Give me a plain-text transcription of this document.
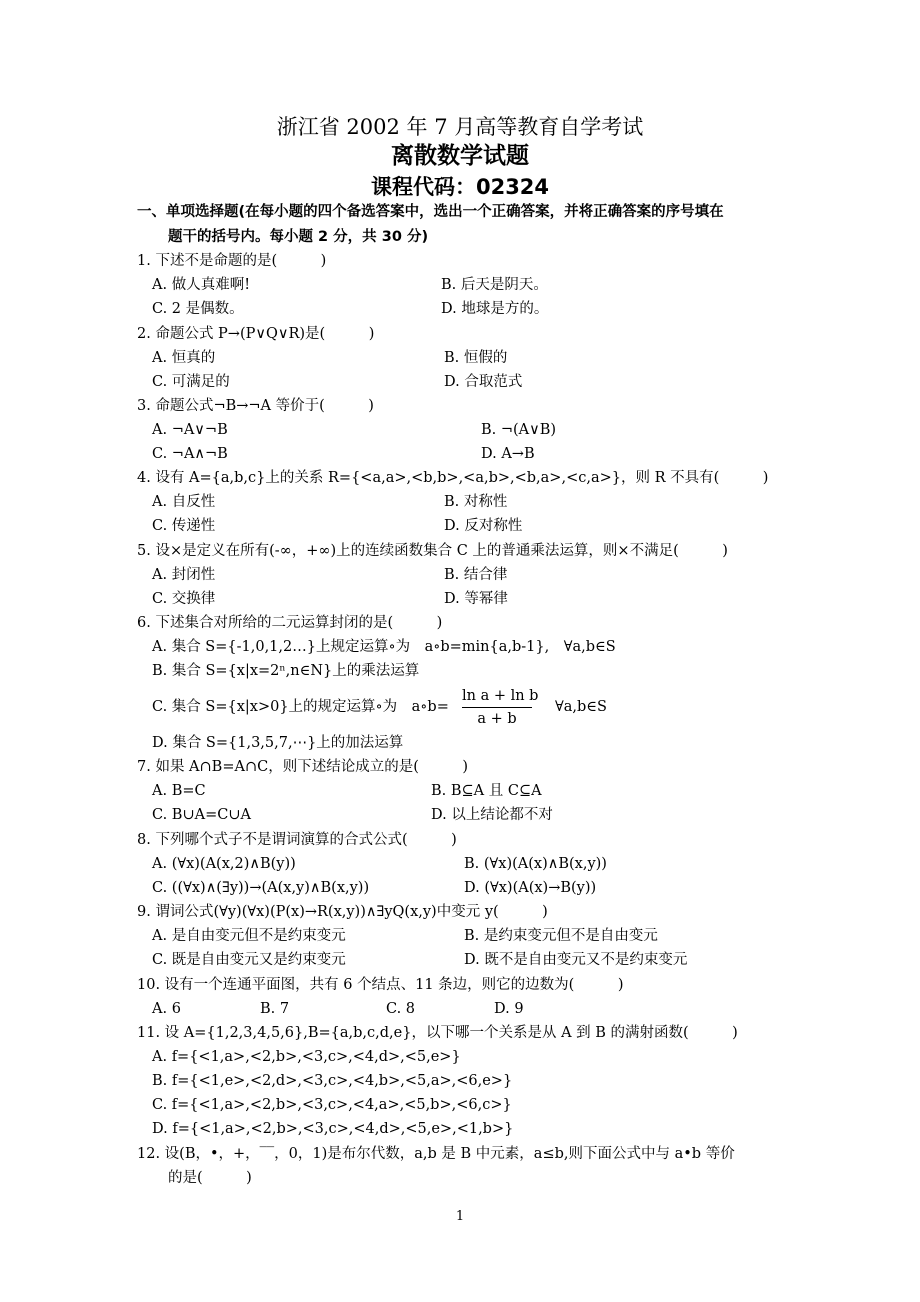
浙江省 2002 年 7 月高等教育自学考试
离散数学试题
课程代码：02324
一、单项选择题(在每小题的四个备选答案中，选出一个正确答案，并将正确答案的序号填在
题干的括号内。每小题 2 分，共 30 分)
1. 下述不是命题的是(　　　)
A. 做人真难啊!	B. 后天是阴天。
C. 2 是偶数。	D. 地球是方的。
2. 命题公式 P→(P∨Q∨R)是(　　　)
A. 恒真的	B. 恒假的
C. 可满足的	D. 合取范式
3. 命题公式¬B→¬A 等价于(　　　)
A. ¬A∨¬B	B. ¬(A∨B)
C. ¬A∧¬B	D. A→B
4. 设有 A={a,b,c}上的关系 R={<a,a>,<b,b>,<a,b>,<b,a>,<c,a>}，则 R 不具有(　　　)
A. 自反性	B. 对称性
C. 传递性	D. 反对称性
5. 设×是定义在所有(-∞，+∞)上的连续函数集合 C 上的普通乘法运算，则×不满足(　　　)
A. 封闭性	B. 结合律
C. 交换律	D. 等幂律
6. 下述集合对所给的二元运算封闭的是(　　　)
A. 集合 S={-1,0,1,2…}上规定运算∘为　a∘b=min{a,b-1},　∀a,b∈S
B. 集合 S={x|x=2ⁿ,n∈N}上的乘法运算
C. 集合 S={x|x>0}上的规定运算∘为　a∘b=
ln a + ln b
a + b
∀a,b∈S
D. 集合 S={1,3,5,7,⋯}上的加法运算
7. 如果 A∩B=A∩C，则下述结论成立的是(　　　)
A. B=C	B. B⊆A 且 C⊆A
C. B∪A=C∪A	D. 以上结论都不对
8. 下列哪个式子不是谓词演算的合式公式(　　　)
A. (∀x)(A(x,2)∧B(y))	B. (∀x)(A(x)∧B(x,y))
C. ((∀x)∧(∃y))→(A(x,y)∧B(x,y))	D. (∀x)(A(x)→B(y))
9. 谓词公式(∀y)(∀x)(P(x)→R(x,y))∧∃yQ(x,y)中变元 y(　　　)
A. 是自由变元但不是约束变元	B. 是约束变元但不是自由变元
C. 既是自由变元又是约束变元	D. 既不是自由变元又不是约束变元
10. 设有一个连通平面图，共有 6 个结点、11 条边，则它的边数为(　　　)
A. 6	B. 7	C. 8	D. 9
11. 设 A={1,2,3,4,5,6},B={a,b,c,d,e}，以下哪一个关系是从 A 到 B 的满射函数(　　　)
A. f={<1,a>,<2,b>,<3,c>,<4,d>,<5,e>}
B. f={<1,e>,<2,d>,<3,c>,<4,b>,<5,a>,<6,e>}
C. f={<1,a>,<2,b>,<3,c>,<4,a>,<5,b>,<6,c>}
D. f={<1,a>,<2,b>,<3,c>,<4,d>,<5,e>,<1,b>}
12. 设(B，•，+，‾‾，0，1)是布尔代数，a,b 是 B 中元素，a≤b,则下面公式中与 a•b 等价
的是(　　　)
1
